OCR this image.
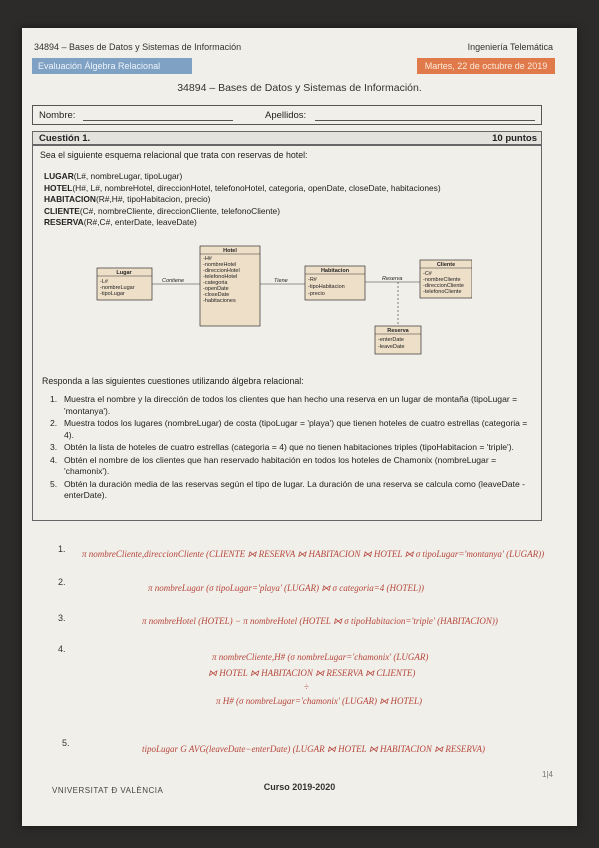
34894 – Bases de Datos y Sistemas de Información	Ingeniería Telemática
Evaluación Álgebra Relacional	Martes, 22 de octubre de 2019
34894 – Bases de Datos y Sistemas de Información.
Nombre:	Apellidos:
Cuestión 1.	10 puntos
Sea el siguiente esquema relacional que trata con reservas de hotel:
LUGAR(L#, nombreLugar, tipoLugar)
HOTEL(H#, L#, nombreHotel, direccionHotel, telefonoHotel, categoria, openDate, closeDate, habitaciones)
HABITACION(R#,H#, tipoHabitacion, precio)
CLIENTE(C#, nombreCliente, direccionCliente, telefonoCliente)
RESERVA(R#,C#, enterDate, leaveDate)
Lugar
-L#
-nombreLugar
-tipoLugar
Hotel
-H#
-nombreHotel
-direccionHotel
-telefonoHotel
-categoria
-openDate
-closeDate
-habitaciones
Habitacion
-R#
-tipoHabitacion
-precio
Cliente
-C#
-nombreCliente
-direccionCliente
-telefonoCliente
Reserva
-enterDate
-leaveDate
Contiene	Tiene	Reserva
Responda a las siguientes cuestiones utilizando álgebra relacional:
1. Muestra el nombre y la dirección de todos los clientes que han hecho una reserva en un lugar de montaña (tipoLugar = 'montanya').
2. Muestra todos los lugares (nombreLugar) de costa (tipoLugar = 'playa') que tienen hoteles de cuatro estrellas (categoria = 4).
3. Obtén la lista de hoteles de cuatro estrellas (categoria = 4) que no tienen habitaciones triples (tipoHabitacion = 'triple').
4. Obtén el nombre de los clientes que han reservado habitación en todos los hoteles de Chamonix (nombreLugar = 'chamonix').
5. Obtén la duración media de las reservas según el tipo de lugar. La duración de una reserva se calcula como (leaveDate - enterDate).
1. π nombreCliente,direccionCliente (CLIENTE ⋈ RESERVA ⋈ HABITACION ⋈ HOTEL ⋈ σ tipoLugar='montanya' (LUGAR))
2.
π nombreLugar (σ tipoLugar='playa' (LUGAR) ⋈ σ categoria=4 (HOTEL))
3.	π nombreHotel (HOTEL) − π nombreHotel (HOTEL ⋈ σ tipoHabitacion='triple' (HABITACION))
4.
π nombreCliente,H# (σ nombreLugar='chamonix' (LUGAR)
⋈ HOTEL ⋈ HABITACION ⋈ RESERVA ⋈ CLIENTE)
÷
π H# (σ nombreLugar='chamonix' (LUGAR) ⋈ HOTEL)
5.
tipoLugar G AVG(leaveDate−enterDate) (LUGAR ⋈ HOTEL ⋈ HABITACION ⋈ RESERVA)
VNIVERSITAT Ð VALÈNCIA	Curso 2019-2020
1|4
